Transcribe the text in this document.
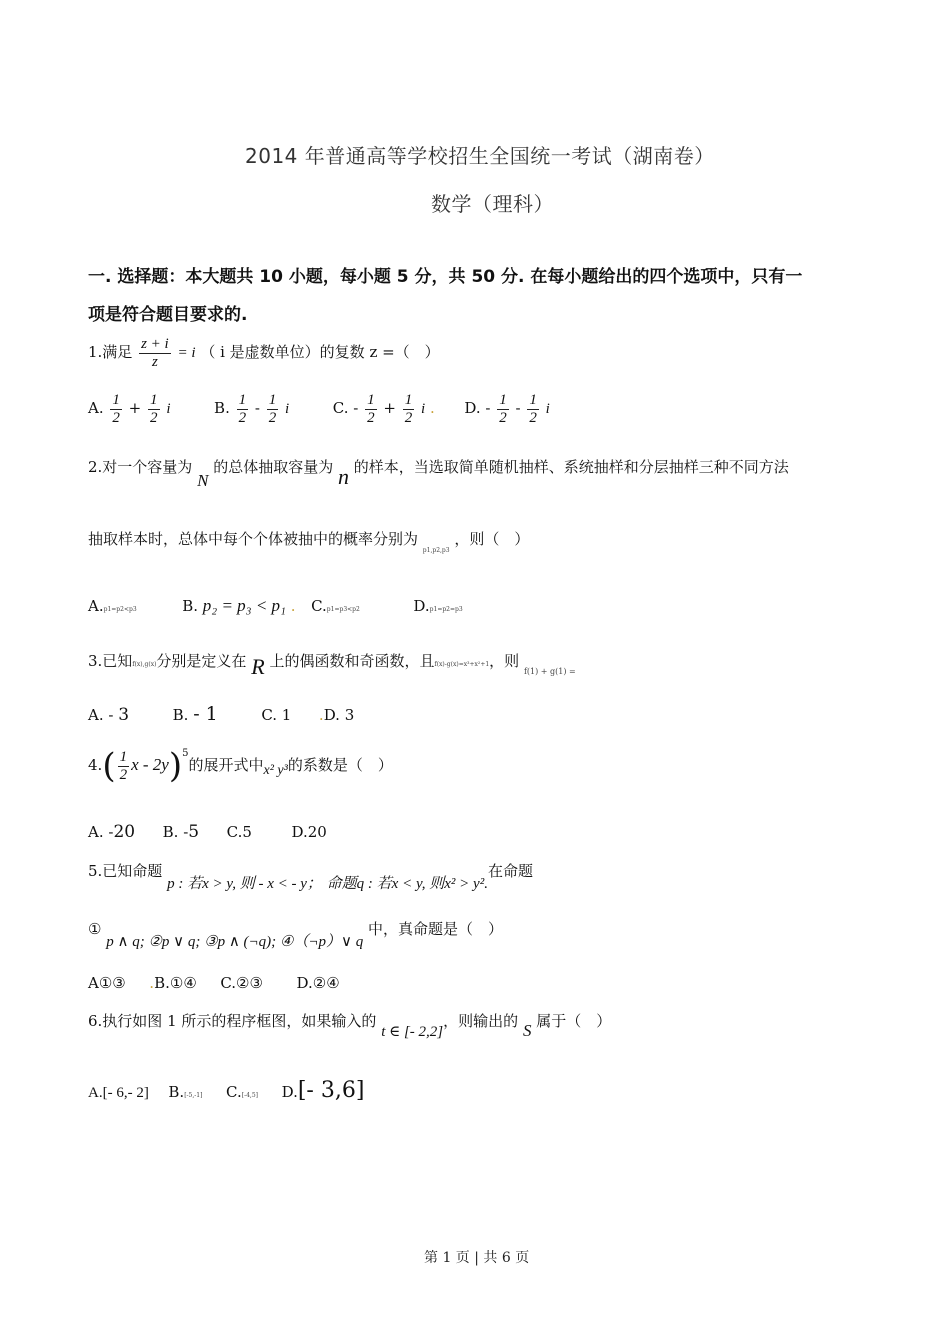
2014 年普通高等学校招生全国统一考试（湖南卷）
数学（理科）
一. 选择题：本大题共 10 小题，每小题 5 分，共 50 分. 在每小题给出的四个选项中，只有一
项是符合题目要求的.
1.满足 $\frac{z + i}{z} = i$ （ i 是虚数单位）的复数 z =（　）
A. $\frac{1}{2} + \frac{1}{2}$ i	B. $\frac{1}{2} - \frac{1}{2}$ i	C. - $\frac{1}{2} + \frac{1}{2}$ i . D. - $\frac{1}{2} - \frac{1}{2}$ i
2.对一个容量为 N 的总体抽取容量为 n 的样本，当选取简单随机抽样、系统抽样和分层抽样三种不同方法
抽取样本时，总体中每个个体被抽中的概率分别为 $_{p1,p2,p3}$ ，则（　）
A.p1=p2<p3	B. p₂ = p₃ < p₁ . C.p1=p3<p2	D.p1=p2=p3
3.已知f(x),g(x)分别是定义在 R 上的偶函数和奇函数，且f(x)-g(x)=x³+x²+1，则 $_{f(1) + g(1) =}$
A. - 3	B. - 1	C. 1 .D. 3
$4.( \frac{1}{2}$ x - 2y)$^5$的展开式中x² y³的系数是（　）
A. -20 B. -5 C.5	D.20
5.已知命题 p : 若x > y, 则 - x < - y； 命题q : 若x < y, 则x² > y².在命题
① p ∧ q; ②p ∨ q; ③p ∧ (¬q); ④（¬p）∨ q 中，真命题是（　）
A①③ .B.①④ C.②③ D.②④
6.执行如图 1 所示的程序框图，如果输入的 t ∈ [- 2,2]，则输出的 S 属于（　）
A.[- 6,- 2] B.[-5,-1] C.[-4,5] D.[- 3,6]
第 1 页 | 共 6 页
